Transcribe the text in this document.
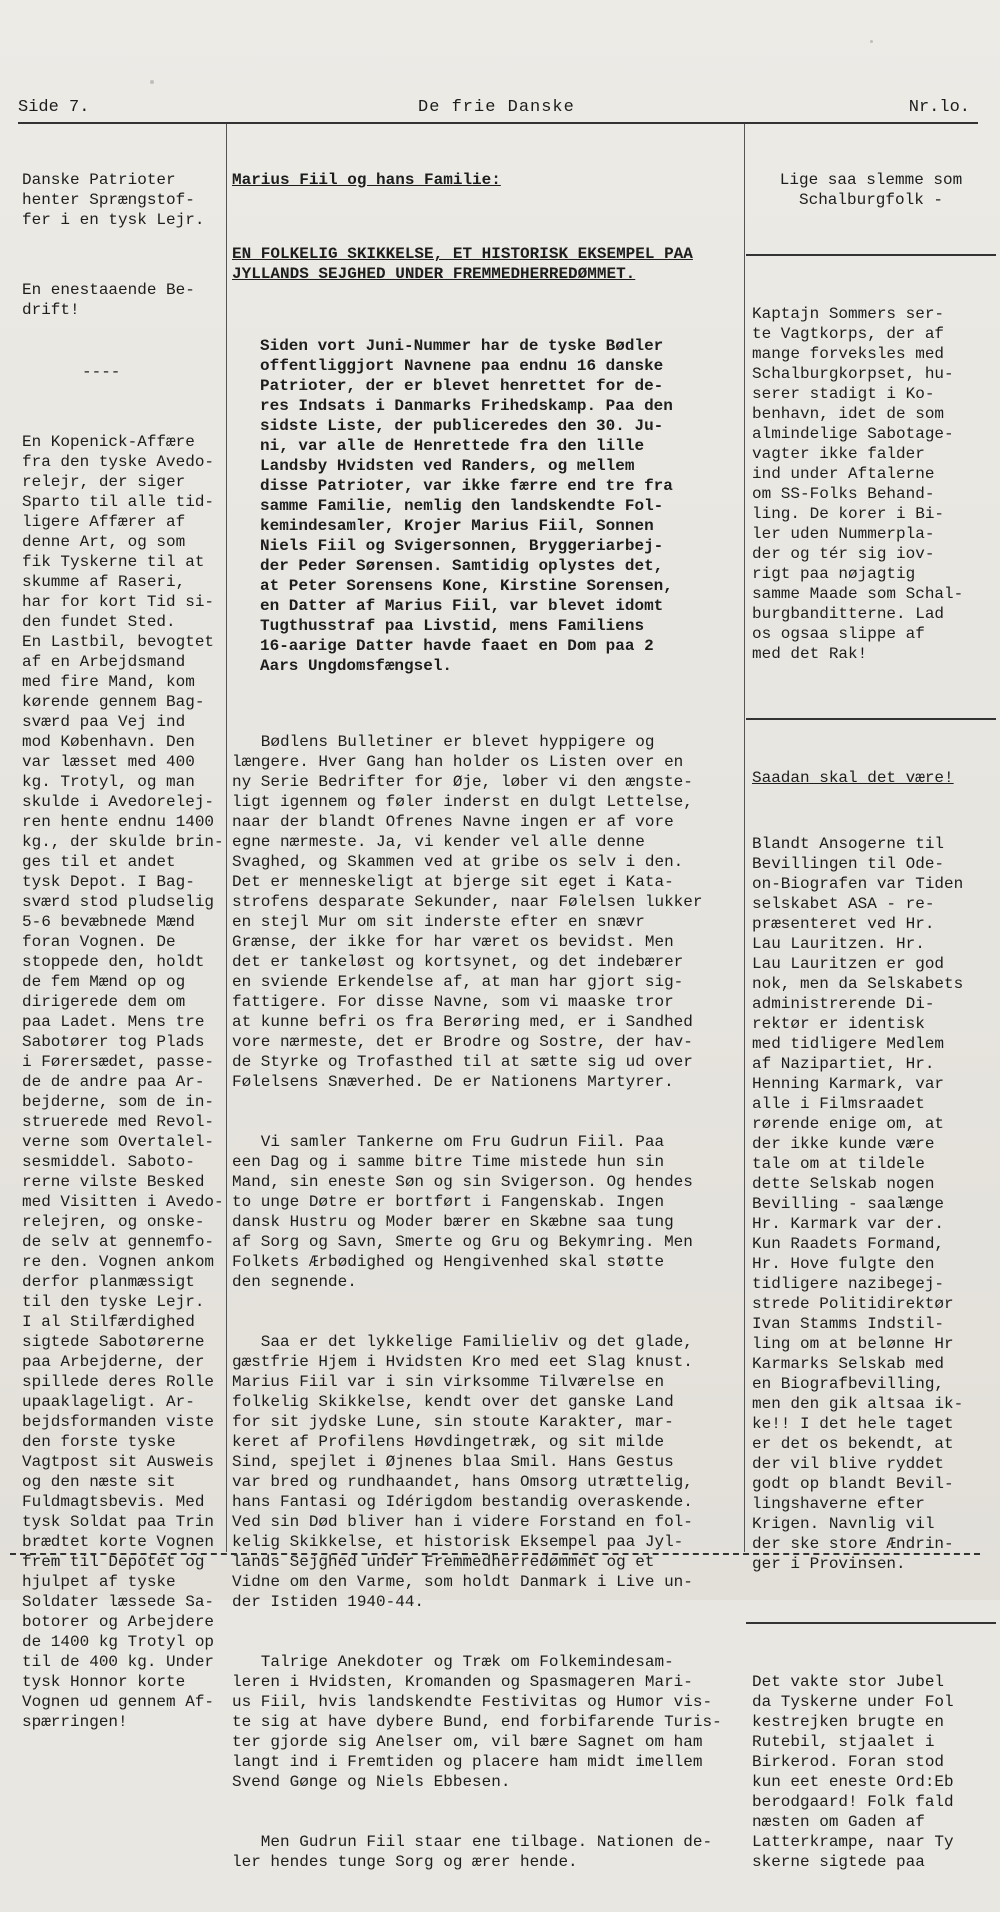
Side 7.	De frie Danske	Nr.lo.

Danske Patrioter
henter Sprængstof-
fer i en tysk Lejr.

En enestaaende Be-
drift!

----

En Kopenick-Affære
fra den tyske Avedo-
relejr, der siger
Sparto til alle tid-
ligere Affærer af
denne Art, og som
fik Tyskerne til at
skumme af Raseri,
har for kort Tid si-
den fundet Sted.
En Lastbil, bevogtet
af en Arbejdsmand
med fire Mand, kom
kørende gennem Bag-
sværd paa Vej ind
mod København. Den
var læsset med 400
kg. Trotyl, og man
skulde i Avedorelej-
ren hente endnu 1400
kg., der skulde brin-
ges til et andet
tysk Depot. I Bag-
sværd stod pludselig
5-6 bevæbnede Mænd
foran Vognen. De
stoppede den, holdt
de fem Mænd op og
dirigerede dem om
paa Ladet. Mens tre
Sabotører tog Plads
i Førersædet, passe-
de de andre paa Ar-
bejderne, som de in-
struerede med Revol-
verne som Overtalel-
sesmiddel. Saboto-
rerne vilste Besked
med Visitten i Avedo-
relejren, og onske-
de selv at gennemfo-
re den. Vognen ankom
derfor planmæssigt
til den tyske Lejr.
I al Stilfærdighed
sigtede Sabotørerne
paa Arbejderne, der
spillede deres Rolle
upaaklageligt. Ar-
bejdsformanden viste
den forste tyske
Vagtpost sit Ausweis
og den næste sit
Fuldmagtsbevis. Med
tysk Soldat paa Trin
brædtet korte Vognen
frem til Depotet og
hjulpet af tyske
Soldater læssede Sa-
botorer og Arbejdere
de 1400 kg Trotyl op
til de 400 kg. Under
tysk Honnor korte
Vognen ud gennem Af-
spærringen!

Marius Fiil og hans Familie:

EN FOLKELIG SKIKKELSE, ET HISTORISK EKSEMPEL PAA
JYLLANDS SEJGHED UNDER FREMMEDHERREDØMMET.

Siden vort Juni-Nummer har de tyske Bødler
offentliggjort Navnene paa endnu 16 danske
Patrioter, der er blevet henrettet for de-
res Indsats i Danmarks Frihedskamp. Paa den
sidste Liste, der publiceredes den 30. Ju-
ni, var alle de Henrettede fra den lille
Landsby Hvidsten ved Randers, og mellem
disse Patrioter, var ikke færre end tre fra
samme Familie, nemlig den landskendte Fol-
kemindesamler, Krojer Marius Fiil, Sonnen
Niels Fiil og Svigersonnen, Bryggeriarbej-
der Peder Sørensen. Samtidig oplystes det,
at Peter Sorensens Kone, Kirstine Sorensen,
en Datter af Marius Fiil, var blevet idomt
Tugthusstraf paa Livstid, mens Familiens
16-aarige Datter havde faaet en Dom paa 2
Aars Ungdomsfængsel.

Bødlens Bulletiner er blevet hyppigere og
længere. Hver Gang han holder os Listen over en
ny Serie Bedrifter for Øje, løber vi den ængste-
ligt igennem og føler inderst en dulgt Lettelse,
naar der blandt Ofrenes Navne ingen er af vore
egne nærmeste. Ja, vi kender vel alle denne
Svaghed, og Skammen ved at gribe os selv i den.
Det er menneskeligt at bjerge sit eget i Kata-
strofens desparate Sekunder, naar Følelsen lukker
en stejl Mur om sit inderste efter en snævr
Grænse, der ikke for har været os bevidst. Men
det er tankeløst og kortsynet, og det indebærer
en sviende Erkendelse af, at man har gjort sig-
fattigere. For disse Navne, som vi maaske tror
at kunne befri os fra Berøring med, er i Sandhed
vore nærmeste, det er Brodre og Sostre, der hav-
de Styrke og Trofasthed til at sætte sig ud over
Følelsens Snæverhed. De er Nationens Martyrer.

Vi samler Tankerne om Fru Gudrun Fiil. Paa
een Dag og i samme bitre Time mistede hun sin
Mand, sin eneste Søn og sin Svigerson. Og hendes
to unge Døtre er bortført i Fangenskab. Ingen
dansk Hustru og Moder bærer en Skæbne saa tung
af Sorg og Savn, Smerte og Gru og Bekymring. Men
Folkets Ærbødighed og Hengivenhed skal støtte
den segnende.

Saa er det lykkelige Familieliv og det glade,
gæstfrie Hjem i Hvidsten Kro med eet Slag knust.
Marius Fiil var i sin virksomme Tilværelse en
folkelig Skikkelse, kendt over det ganske Land
for sit jydske Lune, sin stoute Karakter, mar-
keret af Profilens Høvdingetræk, og sit milde
Sind, spejlet i Øjnenes blaa Smil. Hans Gestus
var bred og rundhaandet, hans Omsorg utrættelig,
hans Fantasi og Idérigdom bestandig overaskende.
Ved sin Død bliver han i videre Forstand en fol-
kelig Skikkelse, et historisk Eksempel paa Jyl-
lands Sejghed under Fremmedherredømmet og et
Vidne om den Varme, som holdt Danmark i Live un-
der Istiden 1940-44.

Talrige Anekdoter og Træk om Folkemindesam-
leren i Hvidsten, Kromanden og Spasmageren Mari-
us Fiil, hvis landskendte Festivitas og Humor vis-
te sig at have dybere Bund, end forbifarende Turis-
ter gjorde sig Anelser om, vil bære Sagnet om ham
langt ind i Fremtiden og placere ham midt imellem
Svend Gønge og Niels Ebbesen.

Men Gudrun Fiil staar ene tilbage. Nationen de-
ler hendes tunge Sorg og ærer hende.

Lige saa slemme som
Schalburgfolk -

Kaptajn Sommers ser-
te Vagtkorps, der af
mange forveksles med
Schalburgkorpset, hu-
serer stadigt i Ko-
benhavn, idet de som
almindelige Sabotage-
vagter ikke falder
ind under Aftalerne
om SS-Folks Behand-
ling. De korer i Bi-
ler uden Nummerpla-
der og tér sig iov-
rigt paa nøjagtig
samme Maade som Schal-
burgbanditterne. Lad
os ogsaa slippe af
med det Rak!

Saadan skal det være!

Blandt Ansogerne til
Bevillingen til Ode-
on-Biografen var Tiden
selskabet ASA - re-
præsenteret ved Hr.
Lau Lauritzen. Hr.
Lau Lauritzen er god
nok, men da Selskabets
administrerende Di-
rektør er identisk
med tidligere Medlem
af Nazipartiet, Hr.
Henning Karmark, var
alle i Filmsraadet
rørende enige om, at
der ikke kunde være
tale om at tildele
dette Selskab nogen
Bevilling - saalænge
Hr. Karmark var der.
Kun Raadets Formand,
Hr. Hove fulgte den
tidligere nazibegej-
strede Politidirektør
Ivan Stamms Indstil-
ling om at belønne Hr
Karmarks Selskab med
en Biografbevilling,
men den gik altsaa ik-
ke!! I det hele taget
er det os bekendt, at
der vil blive ryddet
godt op blandt Bevil-
lingshaverne efter
Krigen. Navnlig vil
der ske store Ændrin-
ger i Provinsen.

Det vakte stor Jubel
da Tyskerne under Fol
kestrejken brugte en
Rutebil, stjaalet i
Birkerod. Foran stod
kun eet eneste Ord:Eb
berodgaard! Folk fald
næsten om Gaden af
Latterkrampe, naar Ty
skerne sigtede paa
